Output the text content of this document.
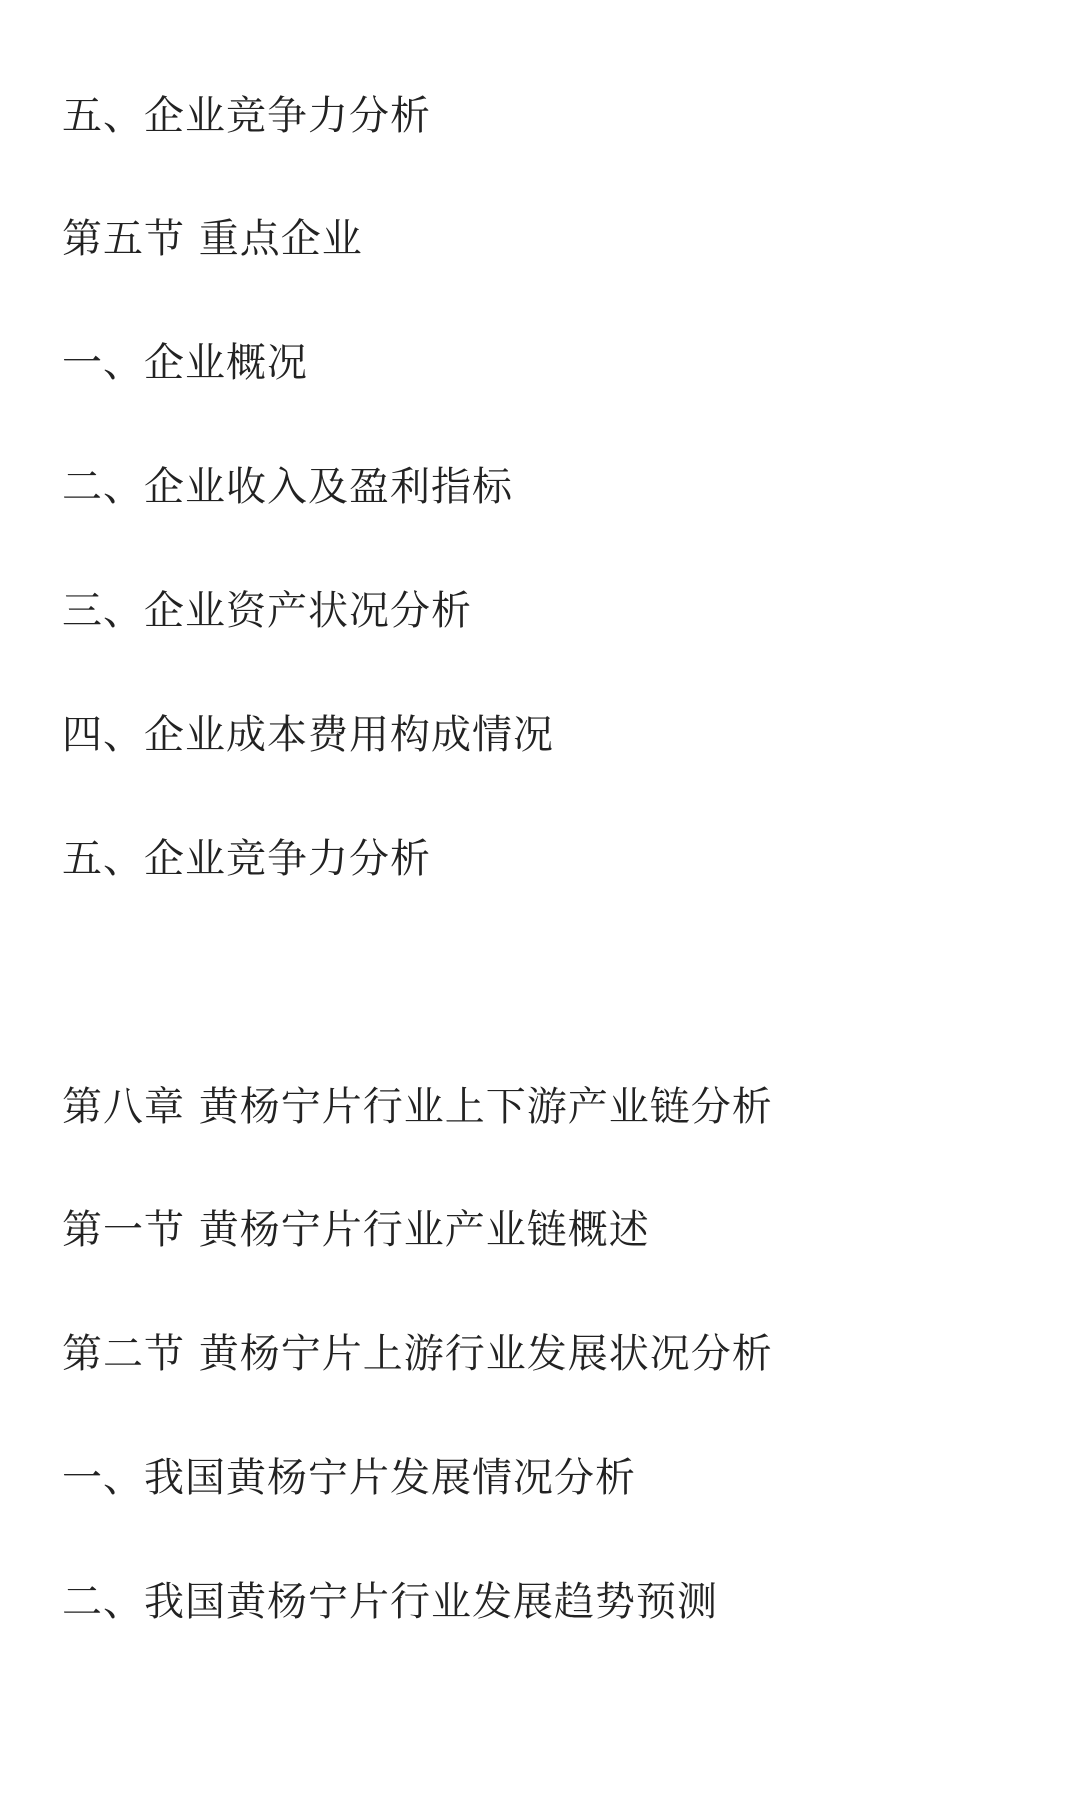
五、企业竞争力分析
第五节 重点企业
一、企业概况
二、企业收入及盈利指标
三、企业资产状况分析
四、企业成本费用构成情况
五、企业竞争力分析
第八章 黄杨宁片行业上下游产业链分析
第一节 黄杨宁片行业产业链概述
第二节 黄杨宁片上游行业发展状况分析
一、我国黄杨宁片发展情况分析
二、我国黄杨宁片行业发展趋势预测
